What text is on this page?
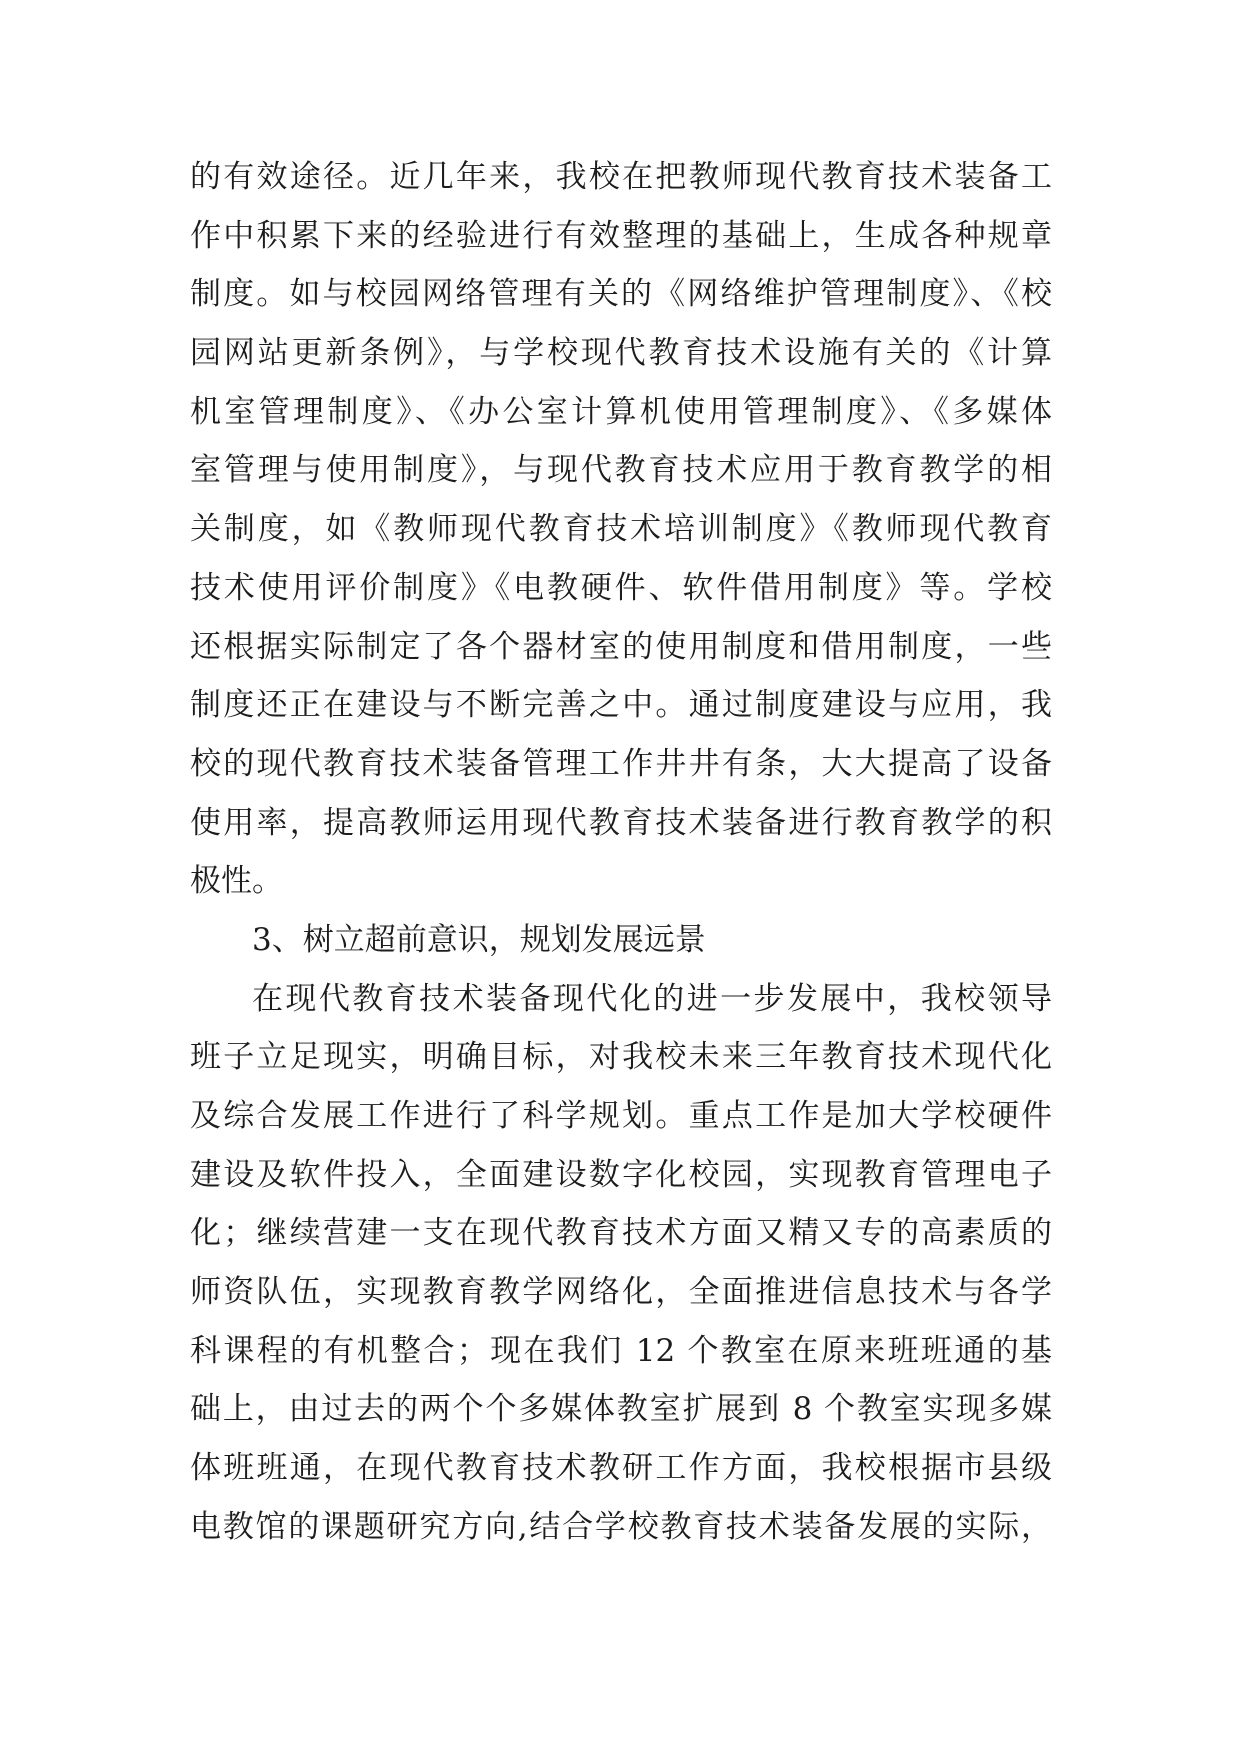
的有效途径。近几年来，我校在把教师现代教育技术装备工
作中积累下来的经验进行有效整理的基础上，生成各种规章
制度。如与校园网络管理有关的《网络维护管理制度》、《校
园网站更新条例》，与学校现代教育技术设施有关的《计算
机室管理制度》、《办公室计算机使用管理制度》、《多媒体
室管理与使用制度》，与现代教育技术应用于教育教学的相
关制度，如《教师现代教育技术培训制度》《教师现代教育
技术使用评价制度》《电教硬件、软件借用制度》等。学校
还根据实际制定了各个器材室的使用制度和借用制度，一些
制度还正在建设与不断完善之中。通过制度建设与应用，我
校的现代教育技术装备管理工作井井有条，大大提高了设备
使用率，提高教师运用现代教育技术装备进行教育教学的积
极性。
3、树立超前意识，规划发展远景
在现代教育技术装备现代化的进一步发展中，我校领导
班子立足现实，明确目标，对我校未来三年教育技术现代化
及综合发展工作进行了科学规划。重点工作是加大学校硬件
建设及软件投入，全面建设数字化校园，实现教育管理电子
化；继续营建一支在现代教育技术方面又精又专的高素质的
师资队伍，实现教育教学网络化，全面推进信息技术与各学
科课程的有机整合；现在我们 12 个教室在原来班班通的基
础上，由过去的两个个多媒体教室扩展到 8 个教室实现多媒
体班班通，在现代教育技术教研工作方面，我校根据市县级
电教馆的课题研究方向,结合学校教育技术装备发展的实际，
